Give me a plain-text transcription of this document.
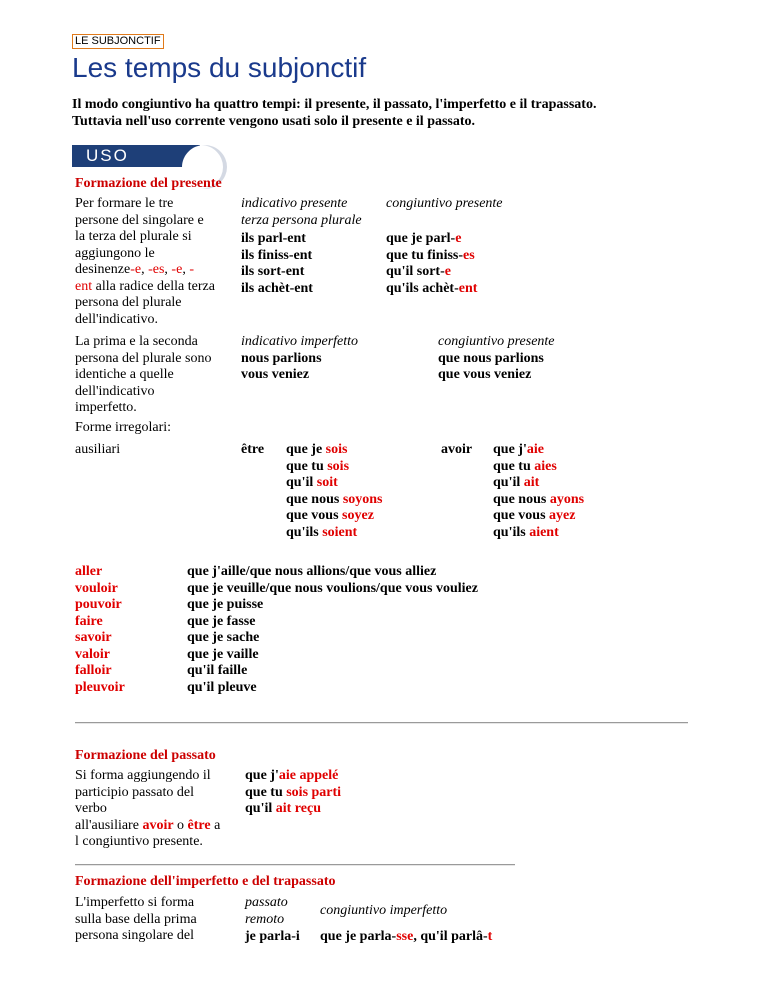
LE SUBJONCTIF
Les temps du subjonctif
Il modo congiuntivo ha quattro tempi: il presente, il passato, l'imperfetto e il trapassato.
Tuttavia nell'uso corrente vengono usati solo il presente e il passato.
USO
Formazione del presente
Per formare le tre
persone del singolare e
la terza del plurale si
aggiungono le
desinenze-e, -es, -e, -
ent alla radice della terza
persona del plurale
dell'indicativo.
indicativo presente
terza persona plurale
congiuntivo presente
ils parl-ent
ils finiss-ent
ils sort-ent
ils achèt-ent
que je parl-e
que tu finiss-es
qu'il sort-e
qu'ils achèt-ent
La prima e la seconda
persona del plurale sono
identiche a quelle
dell'indicativo
imperfetto.
indicativo imperfetto
nous parlions
vous veniez
congiuntivo presente
que nous parlions
que vous veniez
Forme irregolari:
ausiliari	être que je sois
que tu sois
qu'il soit
que nous soyons
que vous soyez
qu'ils soient
avoir que j'aie
que tu aies
qu'il ait
que nous ayons
que vous ayez
qu'ils aient
aller
vouloir
pouvoir
faire
savoir
valoir
falloir
pleuvoir
que j'aille/que nous allions/que vous alliez
que je veuille/que nous voulions/que vous vouliez
que je puisse
que je fasse
que je sache
que je vaille
qu'il faille
qu'il pleuve
Formazione del passato
Si forma aggiungendo il
participio passato del
verbo
all'ausiliare avoir o être a
l congiuntivo presente.
que j'aie appelé
que tu sois parti
qu'il ait reçu
Formazione dell'imperfetto e del trapassato
L'imperfetto si forma
sulla base della prima
persona singolare del
passato
remoto
congiuntivo imperfetto
je parla-i que je parla-sse, qu'il parlâ-t
